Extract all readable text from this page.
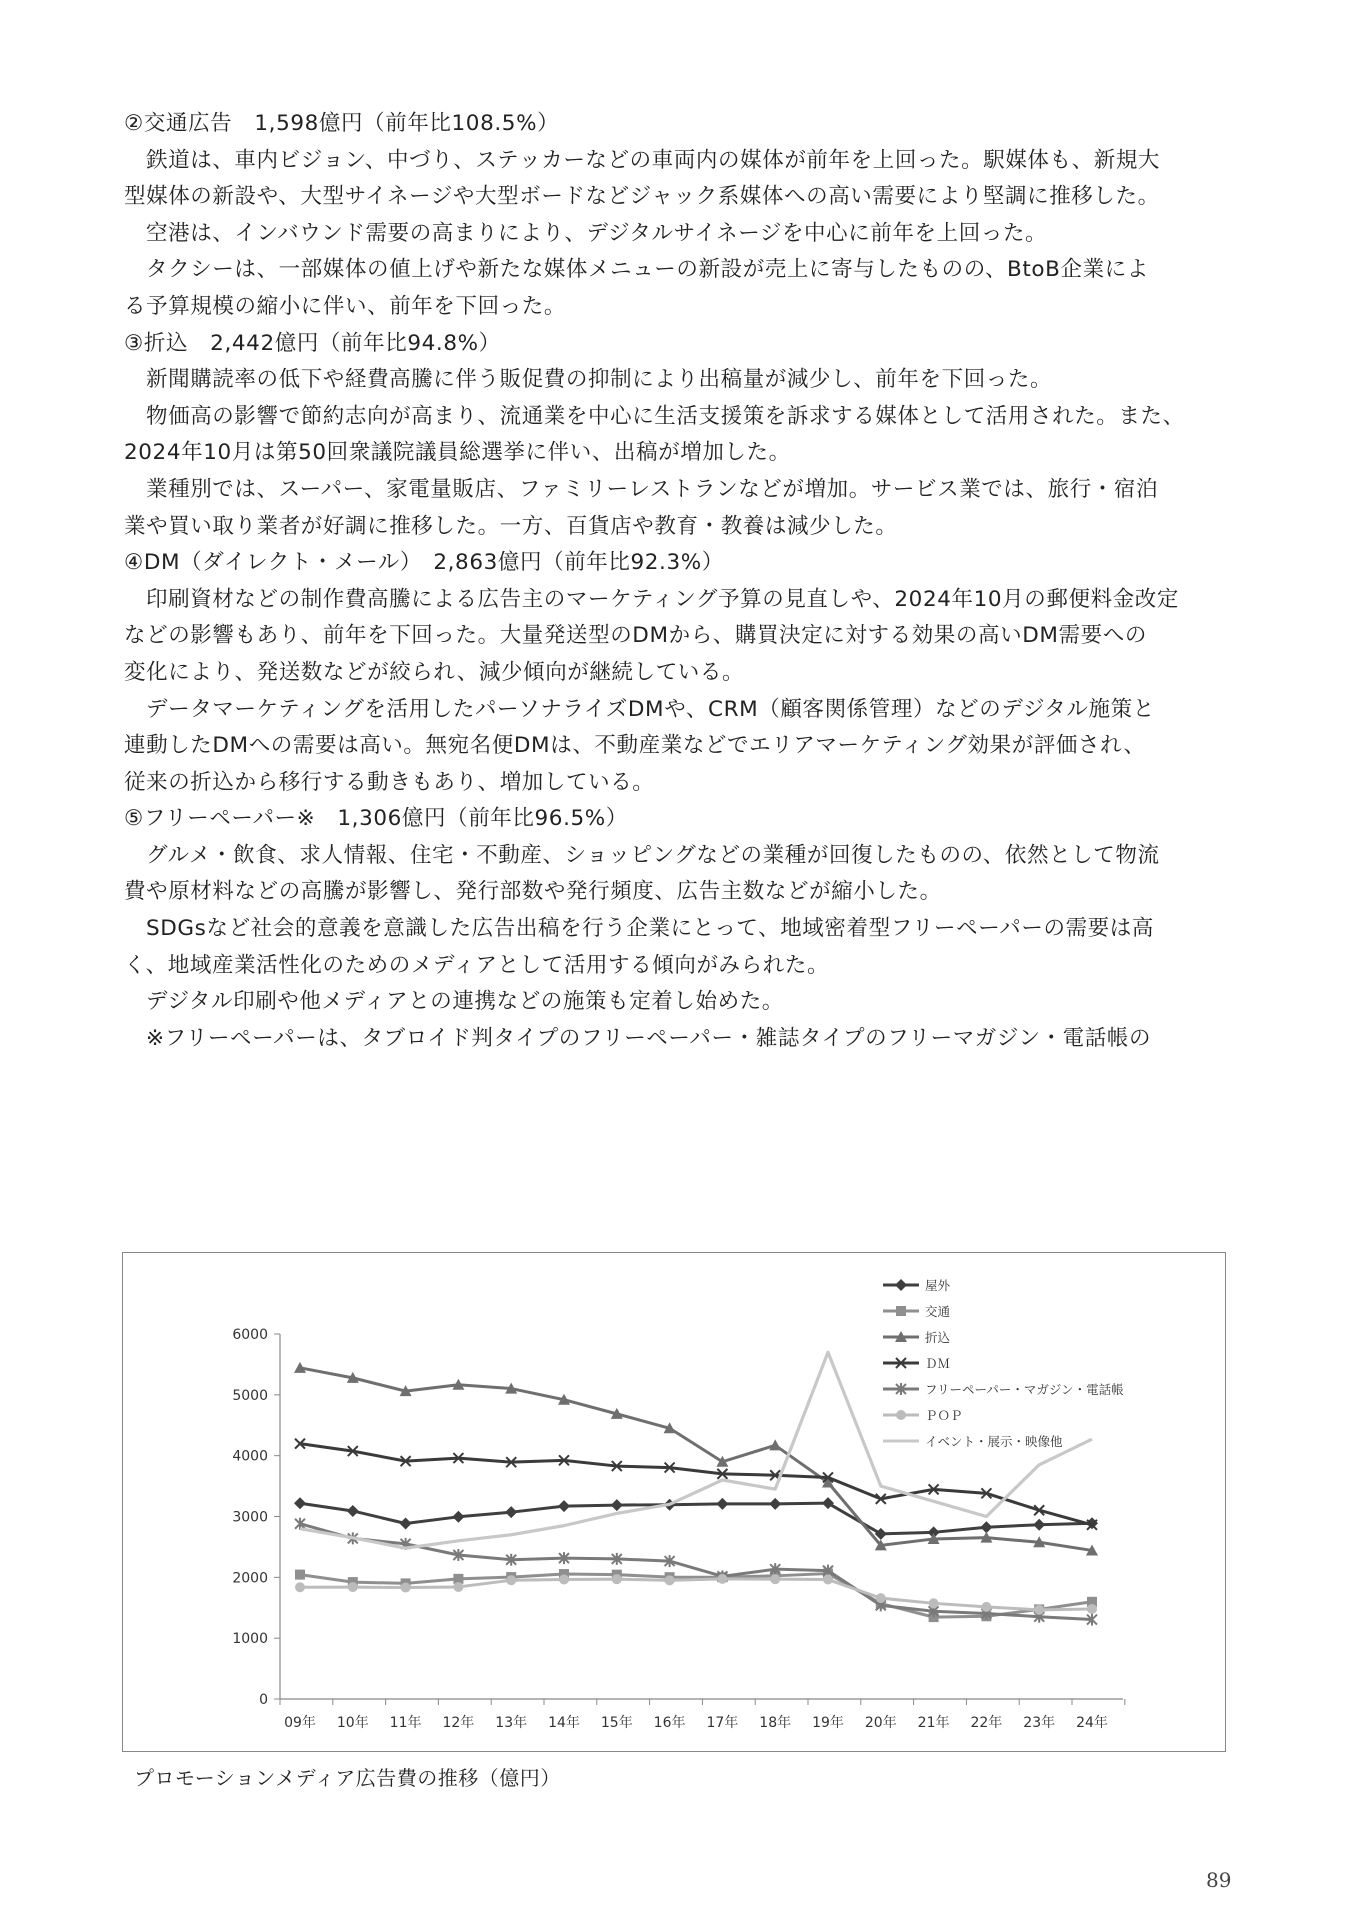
②交通広告　1,598億円（前年比108.5%）
鉄道は、車内ビジョン、中づり、ステッカーなどの車両内の媒体が前年を上回った。駅媒体も、新規大
型媒体の新設や、大型サイネージや大型ボードなどジャック系媒体への高い需要により堅調に推移した。
空港は、インバウンド需要の高まりにより、デジタルサイネージを中心に前年を上回った。
タクシーは、一部媒体の値上げや新たな媒体メニューの新設が売上に寄与したものの、BtoB企業によ
る予算規模の縮小に伴い、前年を下回った。
③折込　2,442億円（前年比94.8%）
新聞購読率の低下や経費高騰に伴う販促費の抑制により出稿量が減少し、前年を下回った。
物価高の影響で節約志向が高まり、流通業を中心に生活支援策を訴求する媒体として活用された。また、
2024年10月は第50回衆議院議員総選挙に伴い、出稿が増加した。
業種別では、スーパー、家電量販店、ファミリーレストランなどが増加。サービス業では、旅行・宿泊
業や買い取り業者が好調に推移した。一方、百貨店や教育・教養は減少した。
④DM（ダイレクト・メール）　2,863億円（前年比92.3%）
印刷資材などの制作費高騰による広告主のマーケティング予算の見直しや、2024年10月の郵便料金改定
などの影響もあり、前年を下回った。大量発送型のDMから、購買決定に対する効果の高いDM需要への
変化により、発送数などが絞られ、減少傾向が継続している。
データマーケティングを活用したパーソナライズDMや、CRM（顧客関係管理）などのデジタル施策と
連動したDMへの需要は高い。無宛名便DMは、不動産業などでエリアマーケティング効果が評価され、
従来の折込から移行する動きもあり、増加している。
⑤フリーペーパー※　1,306億円（前年比96.5%）
グルメ・飲食、求人情報、住宅・不動産、ショッピングなどの業種が回復したものの、依然として物流
費や原材料などの高騰が影響し、発行部数や発行頻度、広告主数などが縮小した。
SDGsなど社会的意義を意識した広告出稿を行う企業にとって、地域密着型フリーペーパーの需要は高
く、地域産業活性化のためのメディアとして活用する傾向がみられた。
デジタル印刷や他メディアとの連携などの施策も定着し始めた。
※フリーペーパーは、タブロイド判タイプのフリーペーパー・雑誌タイプのフリーマガジン・電話帳の
0
1000
2000
3000
4000
5000
6000
09年 10年 11年 12年 13年 14年 15年 16年 17年 18年 19年 20年 21年 22年 23年 24年
屋外
交通
折込
ＤＭ
フリーペーパー・マガジン・電話帳
ＰＯＰ
イベント・展示・映像他
プロモーションメディア広告費の推移（億円）
89
